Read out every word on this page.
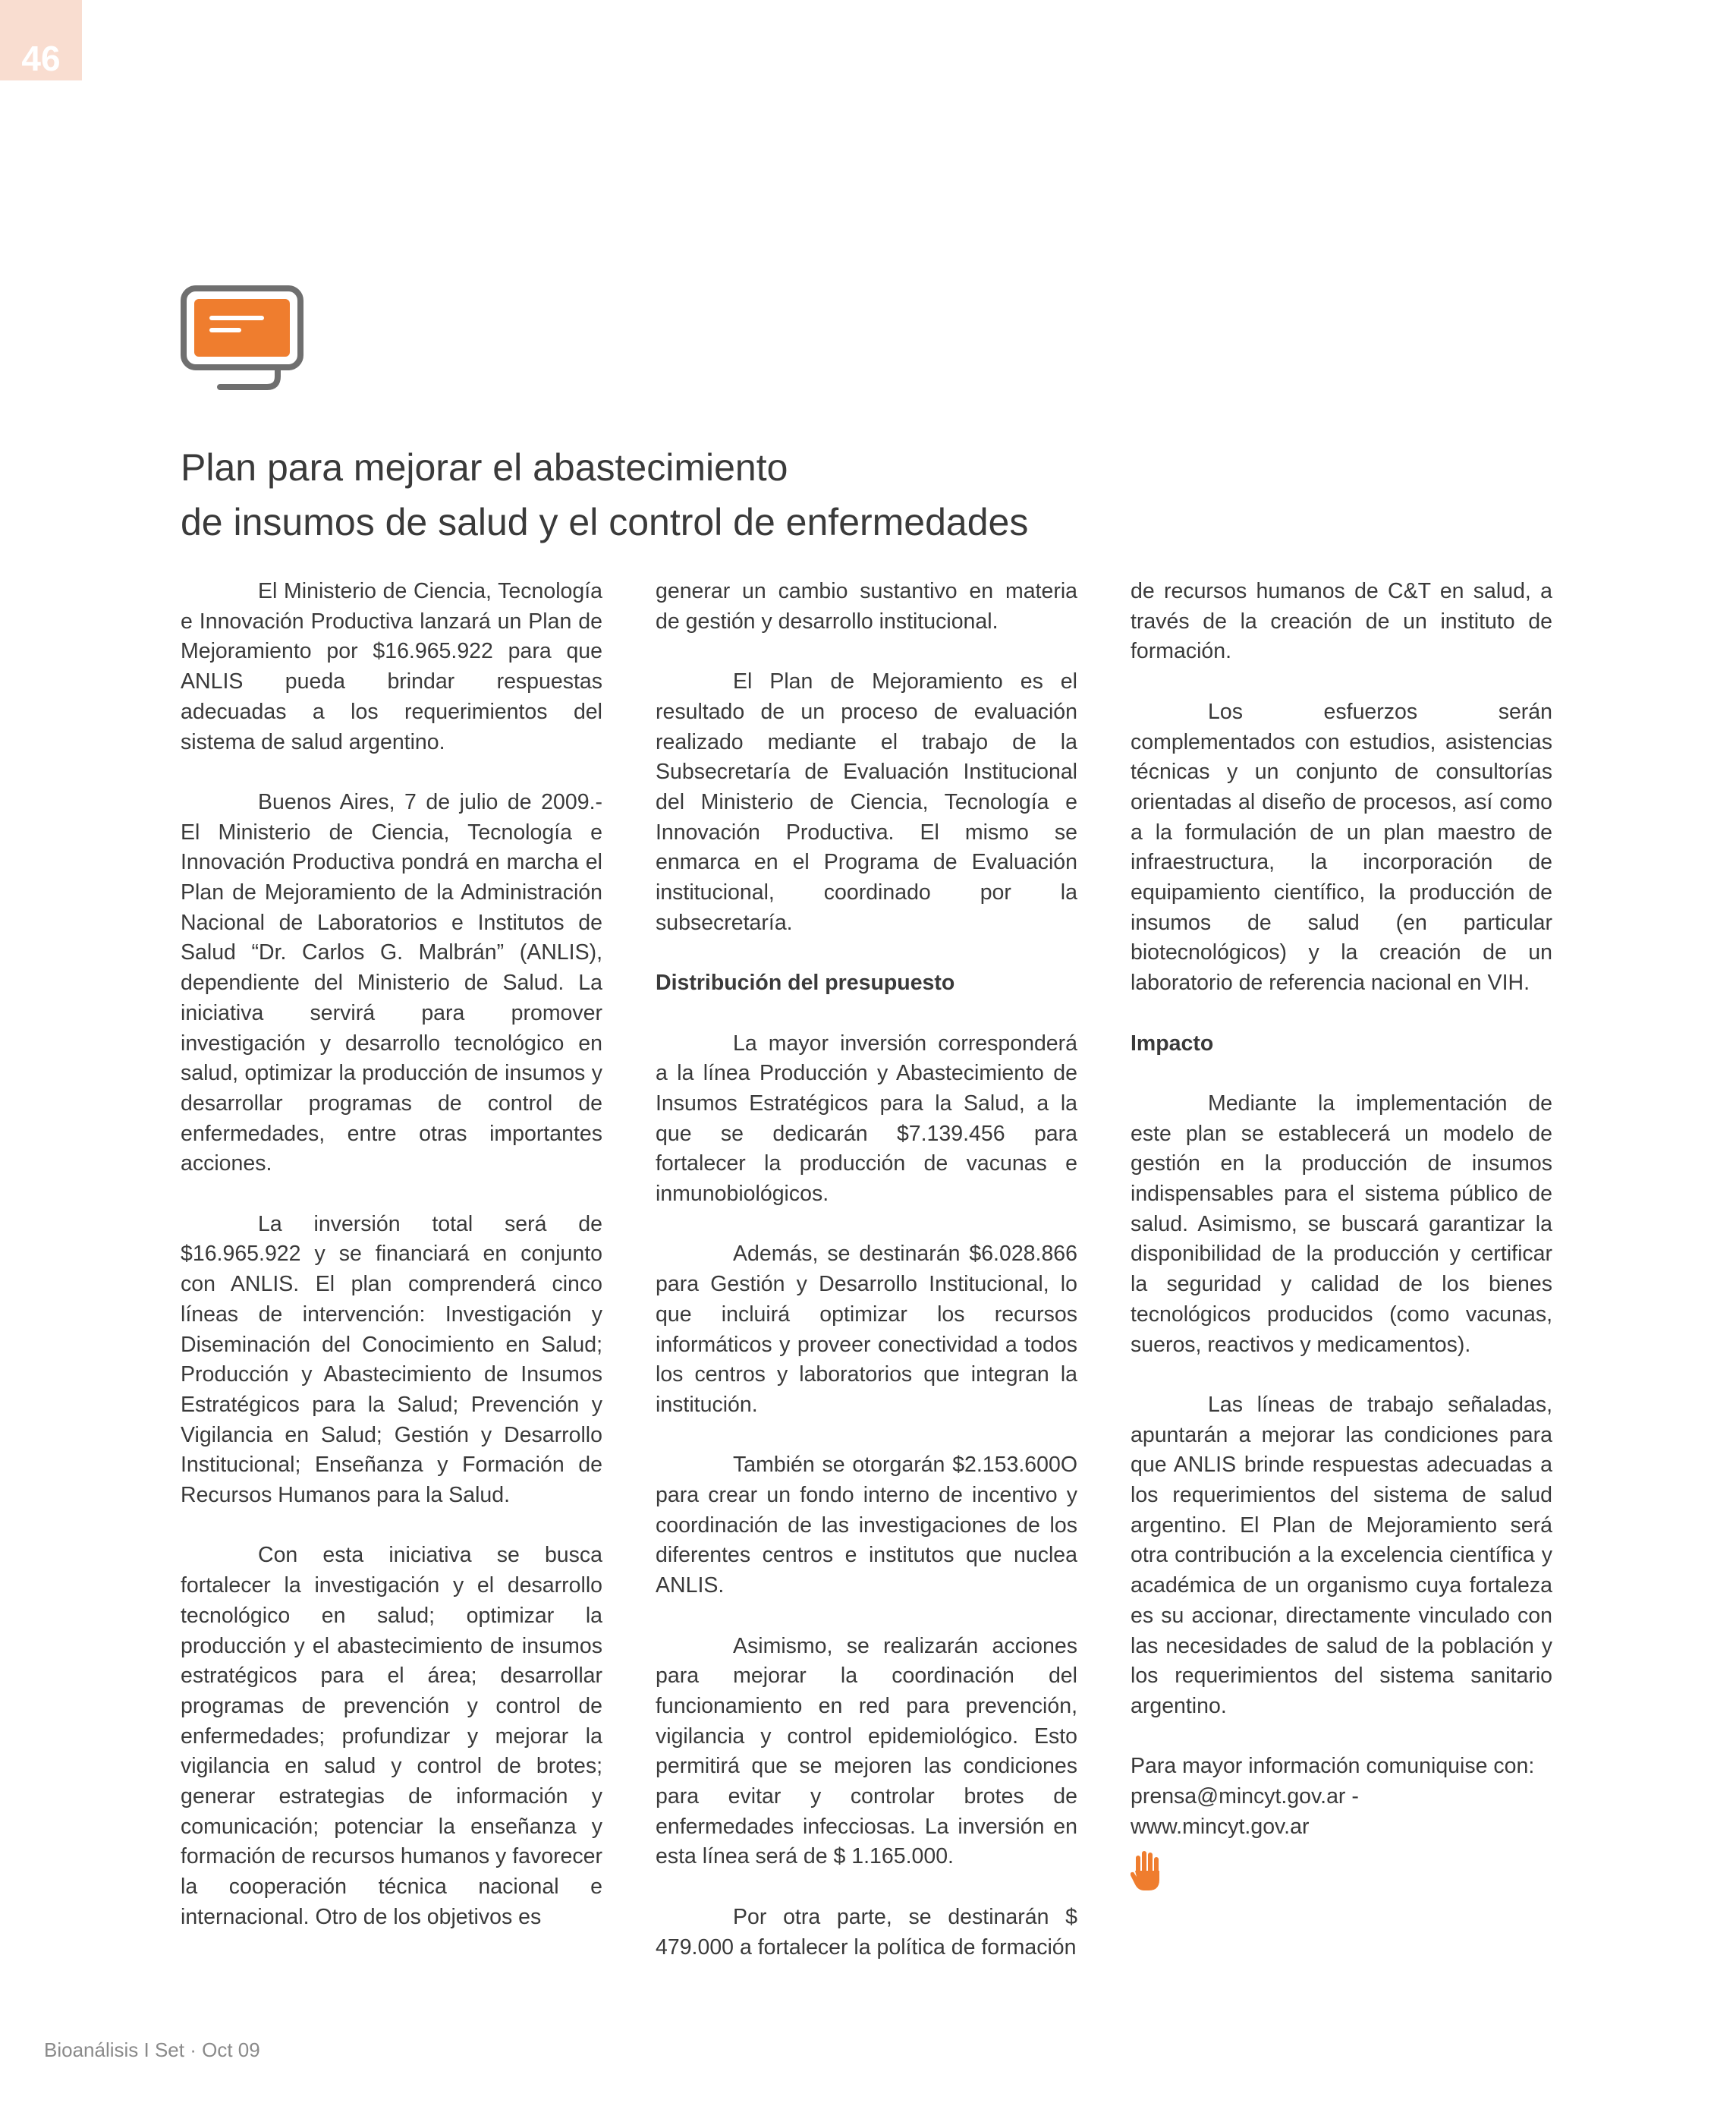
46
Plan para mejorar el abastecimiento
de insumos de salud y el control de enfermedades

El Ministerio de Ciencia, Tecnología e Innovación Productiva lanzará un Plan de Mejoramiento por $16.965.922 para que ANLIS pueda brindar respuestas adecuadas a los requerimientos del sistema de salud argentino.

Buenos Aires, 7 de julio de 2009.- El Ministerio de Ciencia, Tecnología e Innovación Productiva pondrá en marcha el Plan de Mejoramiento de la Administración Nacional de Laboratorios e Institutos de Salud “Dr. Carlos G. Malbrán” (ANLIS), dependiente del Ministerio de Salud. La iniciativa servirá para promover investigación y desarrollo tecnológico en salud, optimizar la producción de insumos y desarrollar programas de control de enfermedades, entre otras importantes acciones.

La inversión total será de $16.965.922 y se financiará en conjunto con ANLIS. El plan comprenderá cinco líneas de intervención: Investigación y Diseminación del Conocimiento en Salud; Producción y Abastecimiento de Insumos Estratégicos para la Salud; Prevención y Vigilancia en Salud; Gestión y Desarrollo Institucional; Enseñanza y Formación de Recursos Humanos para la Salud.

Con esta iniciativa se busca fortalecer la investigación y el desarrollo tecnológico en salud; optimizar la producción y el abastecimiento de insumos estratégicos para el área; desarrollar programas de prevención y control de enfermedades; profundizar y mejorar la vigilancia en salud y control de brotes; generar estrategias de información y comunicación; potenciar la enseñanza y formación de recursos humanos y favorecer la cooperación técnica nacional e internacional. Otro de los objetivos es

generar un cambio sustantivo en materia de gestión y desarrollo institucional.

El Plan de Mejoramiento es el resultado de un proceso de evaluación realizado mediante el trabajo de la Subsecretaría de Evaluación Institucional del Ministerio de Ciencia, Tecnología e Innovación Productiva. El mismo se enmarca en el Programa de Evaluación institucional, coordinado por la subsecretaría.

Distribución del presupuesto

La mayor inversión corresponderá a la línea Producción y Abastecimiento de Insumos Estratégicos para la Salud, a la que se dedicarán $7.139.456 para fortalecer la producción de vacunas e inmunobiológicos.

Además, se destinarán $6.028.866 para Gestión y Desarrollo Institucional, lo que incluirá optimizar los recursos informáticos y proveer conectividad a todos los centros y laboratorios que integran la institución.

También se otorgarán $2.153.600O para crear un fondo interno de incentivo y coordinación de las investigaciones de los diferentes centros e institutos que nuclea ANLIS.

Asimismo, se realizarán acciones para mejorar la coordinación del funcionamiento en red para prevención, vigilancia y control epidemiológico. Esto permitirá que se mejoren las condiciones para evitar y controlar brotes de enfermedades infecciosas. La inversión en esta línea será de $ 1.165.000.

Por otra parte, se destinarán $ 479.000 a fortalecer la política de formación

de recursos humanos de C&T en salud, a través de la creación de un instituto de formación.

Los esfuerzos serán complementados con estudios, asistencias técnicas y un conjunto de consultorías orientadas al diseño de procesos, así como a la formulación de un plan maestro de infraestructura, la incorporación de equipamiento científico, la producción de insumos de salud (en particular biotecnológicos) y la creación de un laboratorio de referencia nacional en VIH.

Impacto

Mediante la implementación de este plan se establecerá un modelo de gestión en la producción de insumos indispensables para el sistema público de salud. Asimismo, se buscará garantizar la disponibilidad de la producción y certificar la seguridad y calidad de los bienes tecnológicos producidos (como vacunas, sueros, reactivos y medicamentos).

Las líneas de trabajo señaladas, apuntarán a mejorar las condiciones para que ANLIS brinde respuestas adecuadas a los requerimientos del sistema de salud argentino. El Plan de Mejoramiento será otra contribución a la excelencia científica y académica de un organismo cuya fortaleza es su accionar, directamente vinculado con las necesidades de salud de la población y los requerimientos del sistema sanitario argentino.

Para mayor información comuniquise con:
prensa@mincyt.gov.ar -
www.mincyt.gov.ar

Bioanálisis I Set · Oct 09
